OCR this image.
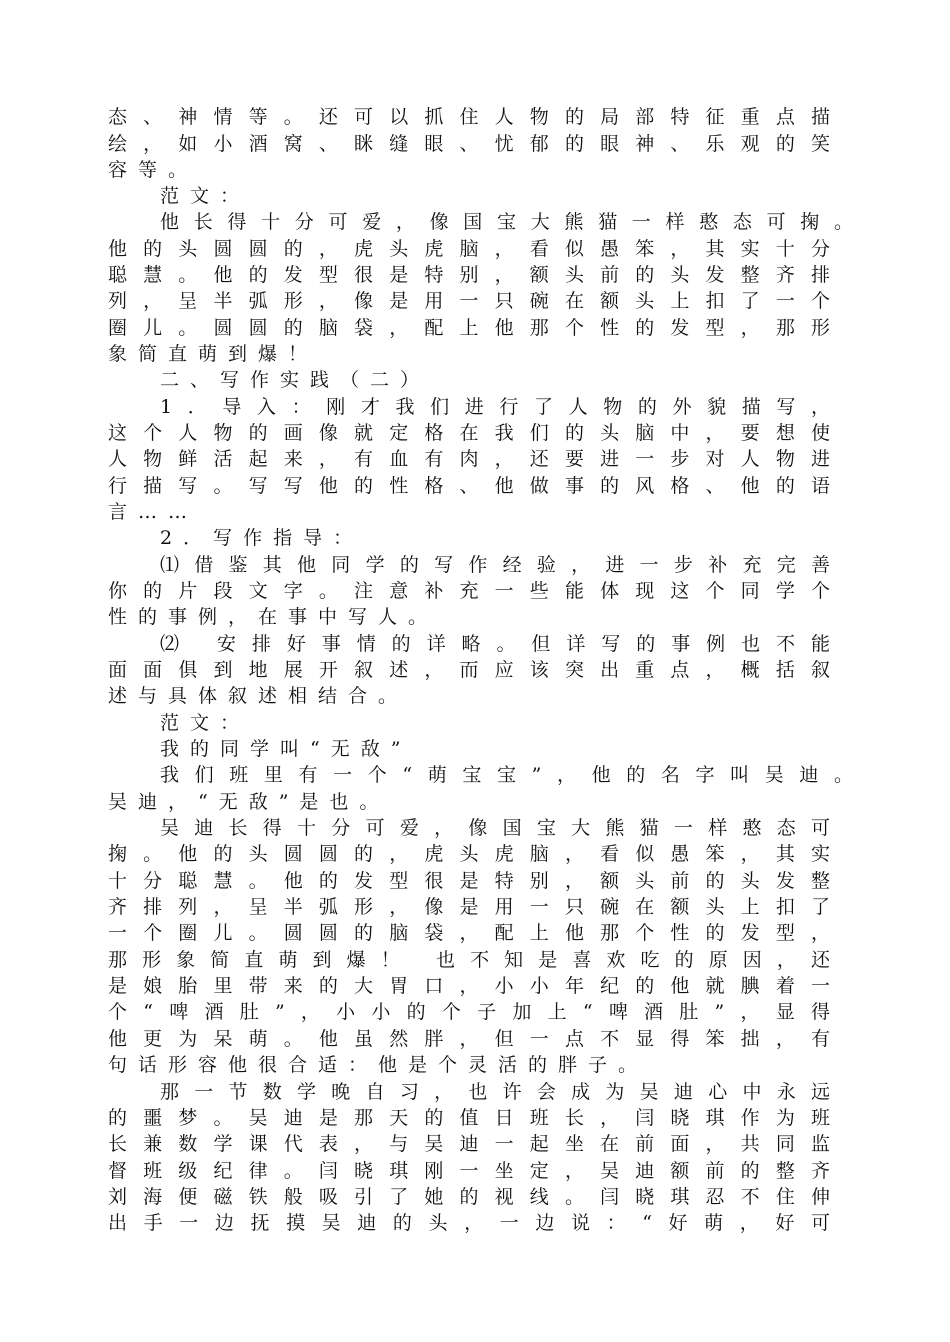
态、神情等。还可以抓住人物的局部特征重点描
绘，如小酒窝、眯缝眼、忧郁的眼神、乐观的笑
容等。
范文：
他长得十分可爱，像国宝大熊猫一样憨态可掬。
他的头圆圆的，虎头虎脑，看似愚笨，其实十分
聪慧。他的发型很是特别，额头前的头发整齐排
列，呈半弧形，像是用一只碗在额头上扣了一个
圈儿。圆圆的脑袋，配上他那个性的发型，那形
象简直萌到爆！
二、写作实践（二）
1．导入：刚才我们进行了人物的外貌描写，
这个人物的画像就定格在我们的头脑中，要想使
人物鲜活起来，有血有肉，还要进一步对人物进
行描写。写写他的性格、他做事的风格、他的语
言……
2．写作指导：
⑴借鉴其他同学的写作经验，进一步补充完善
你的片段文字。注意补充一些能体现这个同学个
性的事例，在事中写人。
⑵ 安排好事情的详略。但详写的事例也不能
面面俱到地展开叙述，而应该突出重点，概括叙
述与具体叙述相结合。
范文：
我的同学叫“无敌”
我们班里有一个“萌宝宝”，他的名字叫吴迪。
吴迪，“无敌”是也。
吴迪长得十分可爱，像国宝大熊猫一样憨态可
掬。他的头圆圆的，虎头虎脑，看似愚笨，其实
十分聪慧。他的发型很是特别，额头前的头发整
齐排列，呈半弧形，像是用一只碗在额头上扣了
一个圈儿。圆圆的脑袋，配上他那个性的发型，
那形象简直萌到爆！ 也不知是喜欢吃的原因，还
是娘胎里带来的大胃口，小小年纪的他就腆着一
个“啤酒肚”，小小的个子加上“啤酒肚”，显得
他更为呆萌。他虽然胖，但一点不显得笨拙，有
句话形容他很合适：他是个灵活的胖子。
那一节数学晚自习，也许会成为吴迪心中永远
的噩梦。吴迪是那天的值日班长，闫晓琪作为班
长兼数学课代表，与吴迪一起坐在前面，共同监
督班级纪律。闫晓琪刚一坐定，吴迪额前的整齐
刘海便磁铁般吸引了她的视线。闫晓琪忍不住伸
出手一边抚摸吴迪的头，一边说：“好萌，好可
